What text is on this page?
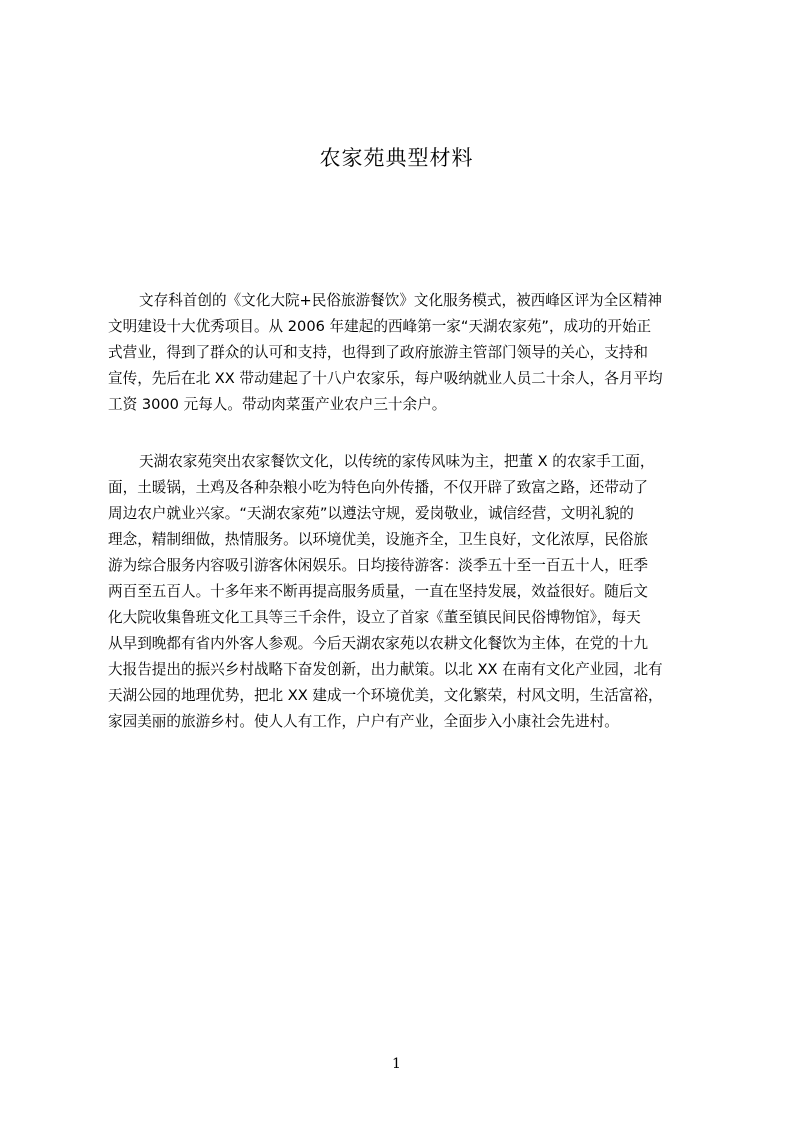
农家苑典型材料
文存科首创的《文化大院+民俗旅游餐饮》文化服务模式，被西峰区评为全区精神
文明建设十大优秀项目。从 2006 年建起的西峰第一家“天湖农家苑”，成功的开始正
式营业，得到了群众的认可和支持，也得到了政府旅游主管部门领导的关心，支持和
宣传，先后在北 XX 带动建起了十八户农家乐，每户吸纳就业人员二十余人，各月平均
工资 3000 元每人。带动肉菜蛋产业农户三十余户。
天湖农家苑突出农家餐饮文化，以传统的家传风味为主，把董 X 的农家手工面，
面，土暖锅，土鸡及各种杂粮小吃为特色向外传播，不仅开辟了致富之路，还带动了
周边农户就业兴家。“天湖农家苑”以遵法守规，爱岗敬业，诚信经营，文明礼貌的
理念，精制细做，热情服务。以环境优美，设施齐全，卫生良好，文化浓厚，民俗旅
游为综合服务内容吸引游客休闲娱乐。日均接待游客：淡季五十至一百五十人，旺季
两百至五百人。十多年来不断再提高服务质量，一直在坚持发展，效益很好。随后文
化大院收集鲁班文化工具等三千余件，设立了首家《董至镇民间民俗博物馆》，每天
从早到晚都有省内外客人参观。今后天湖农家苑以农耕文化餐饮为主体，在党的十九
大报告提出的振兴乡村战略下奋发创新，出力献策。以北 XX 在南有文化产业园，北有
天湖公园的地理优势，把北 XX 建成一个环境优美，文化繁荣，村风文明，生活富裕，
家园美丽的旅游乡村。使人人有工作，户户有产业，全面步入小康社会先进村。
1
